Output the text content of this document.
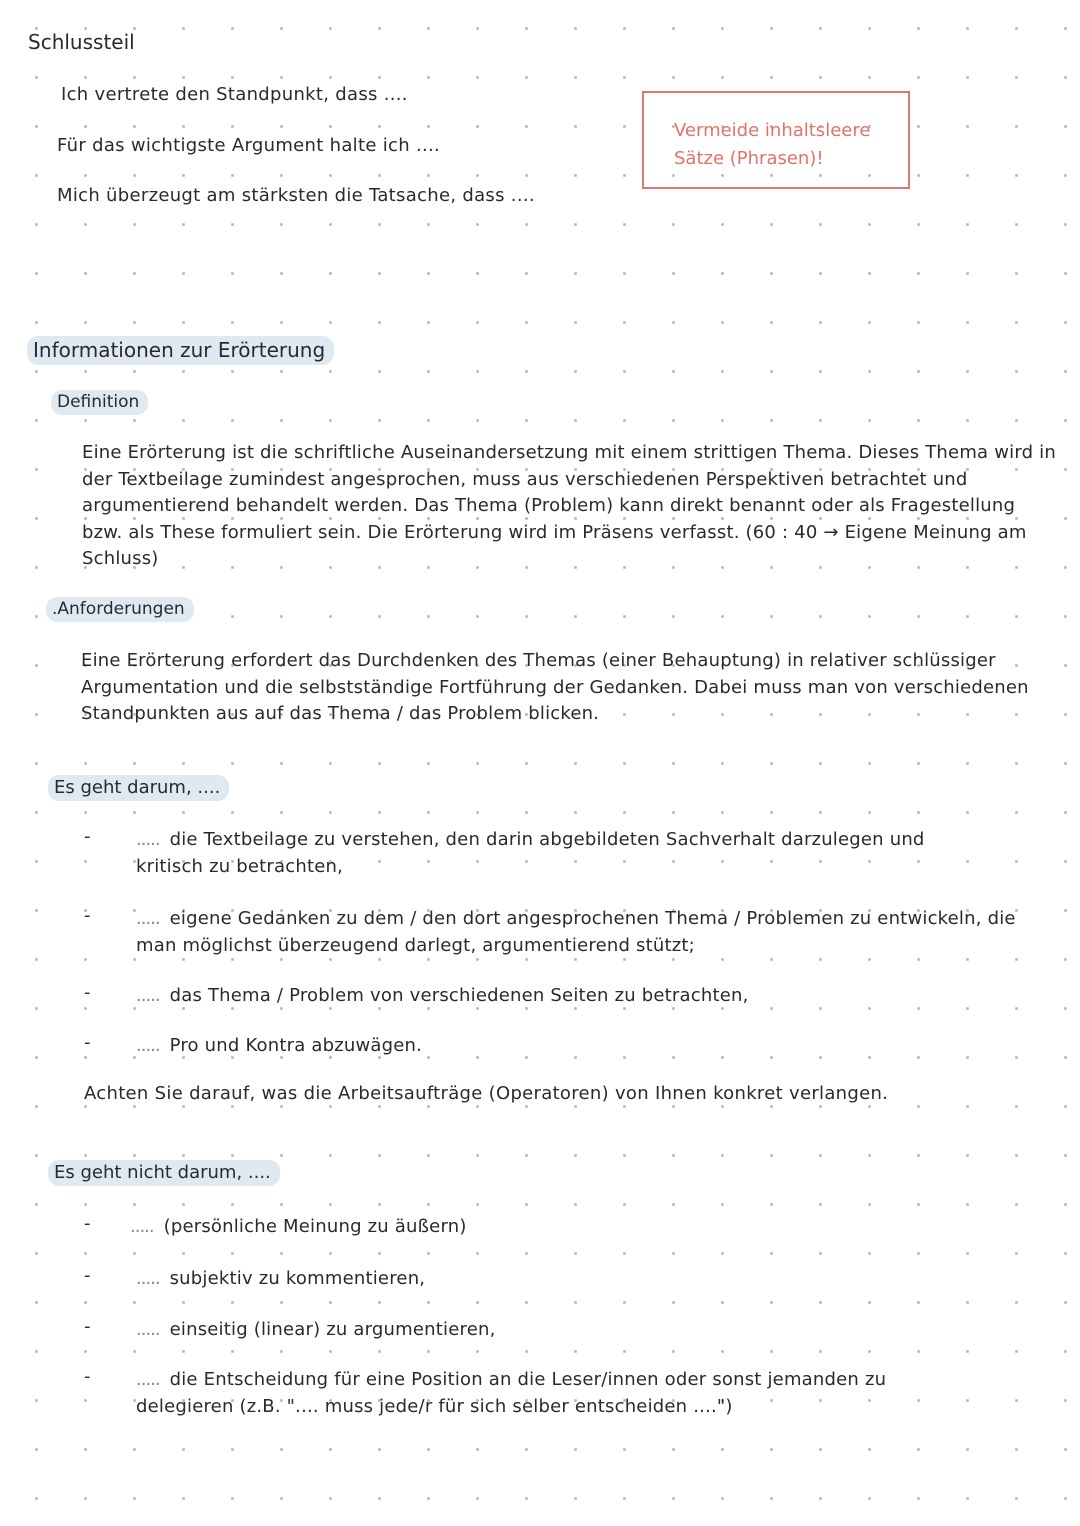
Schlussteil
Ich vertrete den Standpunkt, dass ....
Für das wichtigste Argument halte ich ....
Mich überzeugt am stärksten die Tatsache, dass ....
Vermeide inhaltsleere
Sätze (Phrasen)!
Informationen zur Erörterung
Definition
Eine Erörterung ist die schriftliche Auseinandersetzung mit einem strittigen Thema. Dieses Thema wird in der Textbeilage zumindest angesprochen, muss aus verschiedenen Perspektiven betrachtet und argumentierend behandelt werden. Das Thema (Problem) kann direkt benannt oder als Fragestellung bzw. als These formuliert sein. Die Erörterung wird im Präsens verfasst. (60 : 40 → Eigene Meinung am Schluss)
.Anforderungen
Eine Erörterung erfordert das Durchdenken des Themas (einer Behauptung) in relativer schlüssiger Argumentation und die selbstständige Fortführung der Gedanken. Dabei muss man von verschiedenen Standpunkten aus auf das Thema / das Problem blicken.
Es geht darum, ....
-	..... die Textbeilage zu verstehen, den darin abgebildeten Sachverhalt darzulegen und kritisch zu betrachten,
-	..... eigene Gedanken zu dem / den dort angesprochenen Thema / Problemen zu entwickeln, die man möglichst überzeugend darlegt, argumentierend stützt;
-	..... das Thema / Problem von verschiedenen Seiten zu betrachten,
-	..... Pro und Kontra abzuwägen.
Achten Sie darauf, was die Arbeitsaufträge (Operatoren) von Ihnen konkret verlangen.
Es geht nicht darum, ....
- ..... (persönliche Meinung zu äußern)
-	..... subjektiv zu kommentieren,
-	..... einseitig (linear) zu argumentieren,
-	..... die Entscheidung für eine Position an die Leser/innen oder sonst jemanden zu delegieren (z.B. ".... muss jede/r für sich selber entscheiden ....")
